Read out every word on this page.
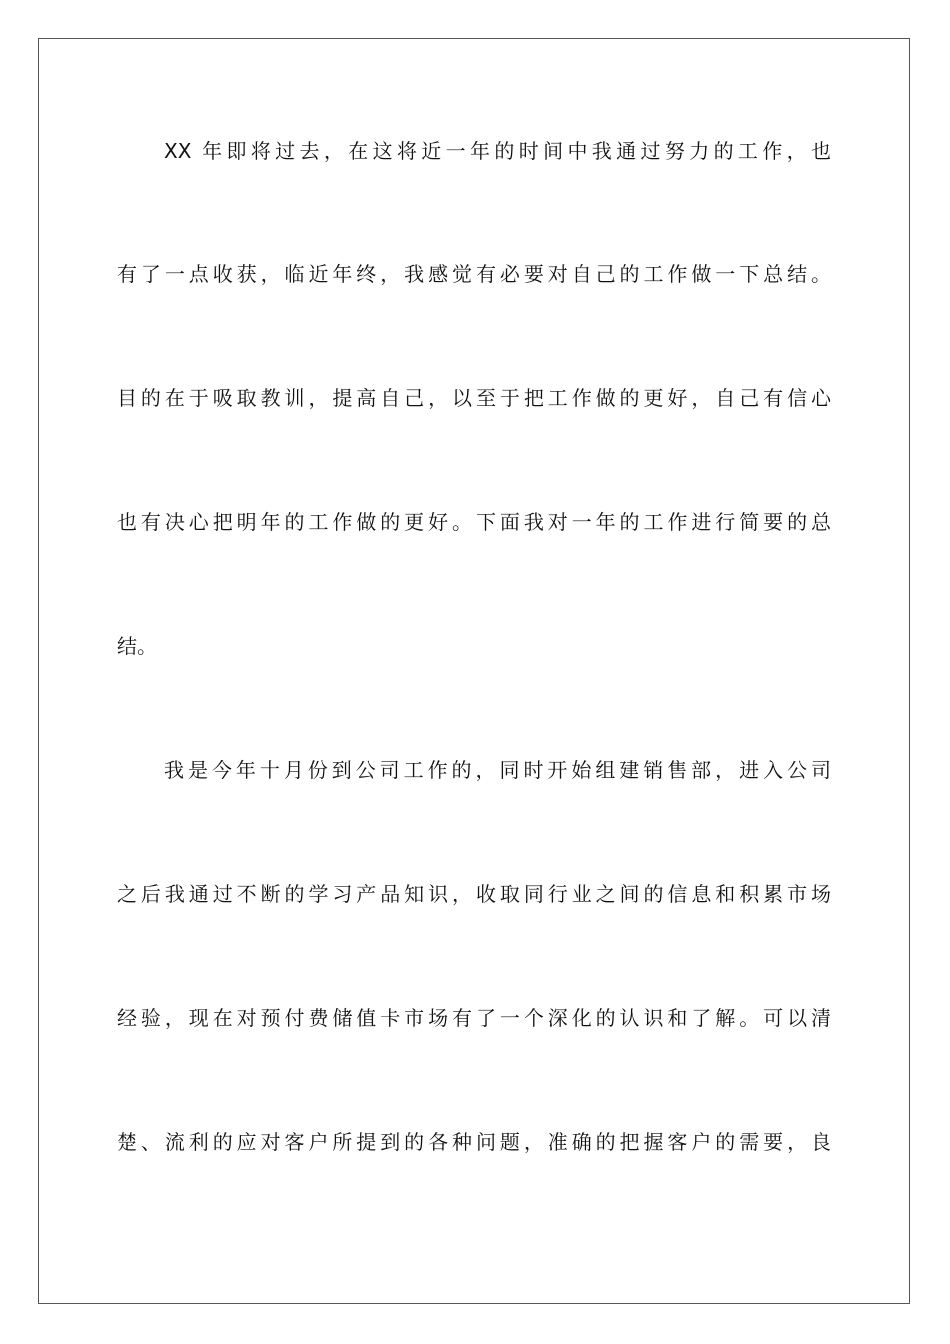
XX 年即将过去，在这将近一年的时间中我通过努力的工作，也
有了一点收获，临近年终，我感觉有必要对自己的工作做一下总结。
目的在于吸取教训，提高自己，以至于把工作做的更好，自己有信心
也有决心把明年的工作做的更好。下面我对一年的工作进行简要的总
结。
我是今年十月份到公司工作的，同时开始组建销售部，进入公司
之后我通过不断的学习产品知识，收取同行业之间的信息和积累市场
经验，现在对预付费储值卡市场有了一个深化的认识和了解。可以清
楚、流利的应对客户所提到的各种问题，准确的把握客户的需要，良
